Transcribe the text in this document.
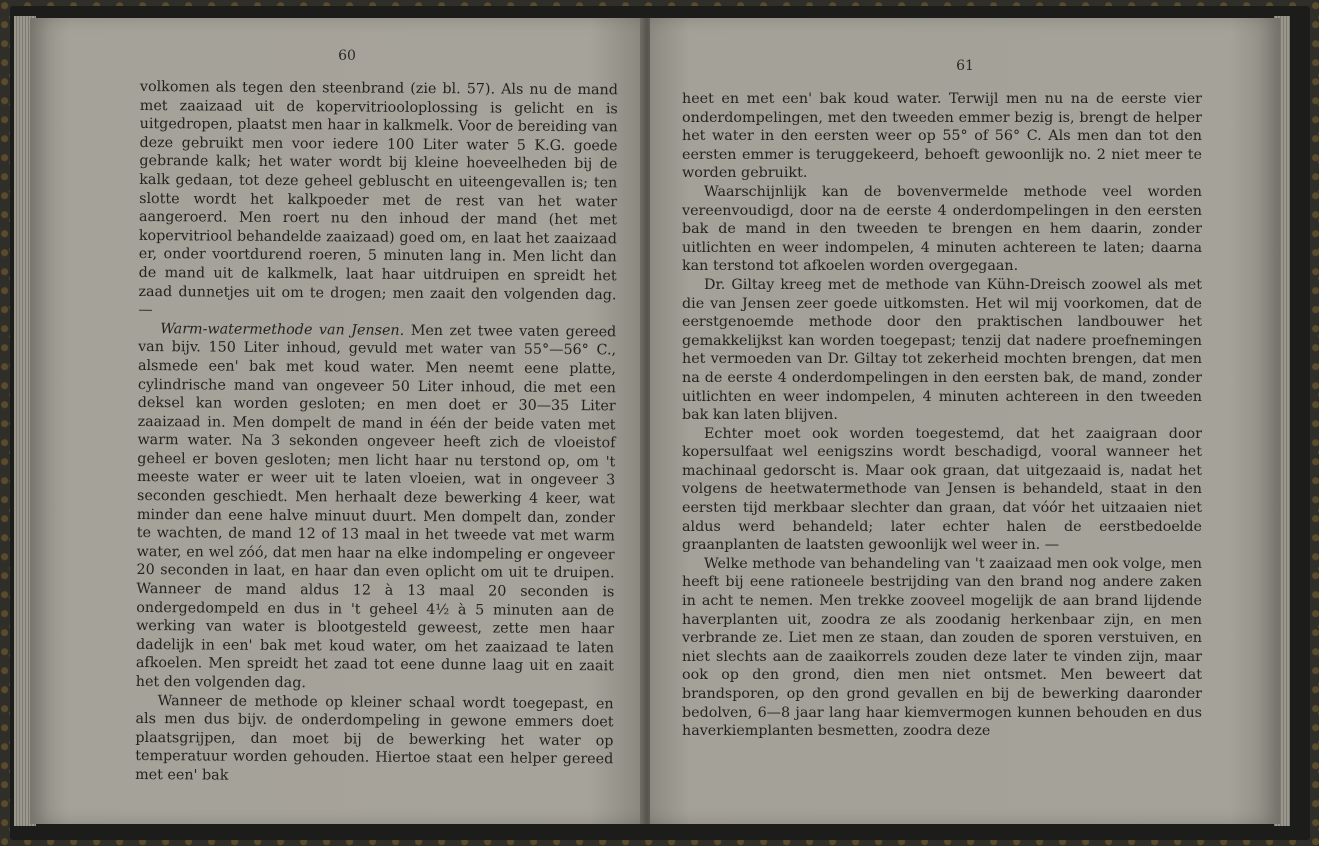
60

volkomen als tegen den steenbrand (zie bl. 57). Als nu de mand met zaaizaad uit de kopervitriooloplossing is gelicht en is uitgedropen, plaatst men haar in kalkmelk. Voor de bereiding van deze gebruikt men voor iedere 100 Liter water 5 K.G. goede gebrande kalk; het water wordt bij kleine hoeveelheden bij de kalk gedaan, tot deze geheel gebluscht en uiteengevallen is; ten slotte wordt het kalkpoeder met de rest van het water aangeroerd. Men roert nu den inhoud der mand (het met kopervitriool behandelde zaaizaad) goed om, en laat het zaaizaad er, onder voortdurend roeren, 5 minuten lang in. Men licht dan de mand uit de kalkmelk, laat haar uitdruipen en spreidt het zaad dunnetjes uit om te drogen; men zaait den volgenden dag. —

Warm-watermethode van Jensen. Men zet twee vaten gereed van bijv. 150 Liter inhoud, gevuld met water van 55°—56° C., alsmede een' bak met koud water. Men neemt eene platte, cylindrische mand van ongeveer 50 Liter inhoud, die met een deksel kan worden gesloten; en men doet er 30—35 Liter zaaizaad in. Men dompelt de mand in één der beide vaten met warm water. Na 3 sekonden ongeveer heeft zich de vloeistof geheel er boven gesloten; men licht haar nu terstond op, om 't meeste water er weer uit te laten vloeien, wat in ongeveer 3 seconden geschiedt. Men herhaalt deze bewerking 4 keer, wat minder dan eene halve minuut duurt. Men dompelt dan, zonder te wachten, de mand 12 of 13 maal in het tweede vat met warm water, en wel zóó, dat men haar na elke indompeling er ongeveer 20 seconden in laat, en haar dan even oplicht om uit te druipen. Wanneer de mand aldus 12 à 13 maal 20 seconden is ondergedompeld en dus in 't geheel 4½ à 5 minuten aan de werking van water is blootgesteld geweest, zette men haar dadelijk in een' bak met koud water, om het zaaizaad te laten afkoelen. Men spreidt het zaad tot eene dunne laag uit en zaait het den volgenden dag.

Wanneer de methode op kleiner schaal wordt toegepast, en als men dus bijv. de onderdompeling in gewone emmers doet plaatsgrijpen, dan moet bij de bewerking het water op temperatuur worden gehouden. Hiertoe staat een helper gereed met een' bak

61

heet en met een' bak koud water. Terwijl men nu na de eerste vier onderdompelingen, met den tweeden emmer bezig is, brengt de helper het water in den eersten weer op 55° of 56° C. Als men dan tot den eersten emmer is teruggekeerd, behoeft gewoonlijk no. 2 niet meer te worden gebruikt.

Waarschijnlijk kan de bovenvermelde methode veel worden vereenvoudigd, door na de eerste 4 onderdompelingen in den eersten bak de mand in den tweeden te brengen en hem daarin, zonder uitlichten en weer indompelen, 4 minuten achtereen te laten; daarna kan terstond tot afkoelen worden overgegaan.

Dr. Giltay kreeg met de methode van Kühn-Dreisch zoowel als met die van Jensen zeer goede uitkomsten. Het wil mij voorkomen, dat de eerstgenoemde methode door den praktischen landbouwer het gemakkelijkst kan worden toegepast; tenzij dat nadere proefnemingen het vermoeden van Dr. Giltay tot zekerheid mochten brengen, dat men na de eerste 4 onderdompelingen in den eersten bak, de mand, zonder uitlichten en weer indompelen, 4 minuten achtereen in den tweeden bak kan laten blijven.

Echter moet ook worden toegestemd, dat het zaaigraan door kopersulfaat wel eenigszins wordt beschadigd, vooral wanneer het machinaal gedorscht is. Maar ook graan, dat uitgezaaid is, nadat het volgens de heetwatermethode van Jensen is behandeld, staat in den eersten tijd merkbaar slechter dan graan, dat vóór het uitzaaien niet aldus werd behandeld; later echter halen de eerstbedoelde graanplanten de laatsten gewoonlijk wel weer in. —

Welke methode van behandeling van 't zaaizaad men ook volge, men heeft bij eene rationeele bestrijding van den brand nog andere zaken in acht te nemen. Men trekke zooveel mogelijk de aan brand lijdende haverplanten uit, zoodra ze als zoodanig herkenbaar zijn, en men verbrande ze. Liet men ze staan, dan zouden de sporen verstuiven, en niet slechts aan de zaaikorrels zouden deze later te vinden zijn, maar ook op den grond, dien men niet ontsmet. Men beweert dat brandsporen, op den grond gevallen en bij de bewerking daaronder bedolven, 6—8 jaar lang haar kiemvermogen kunnen behouden en dus haverkiemplanten besmetten, zoodra deze
